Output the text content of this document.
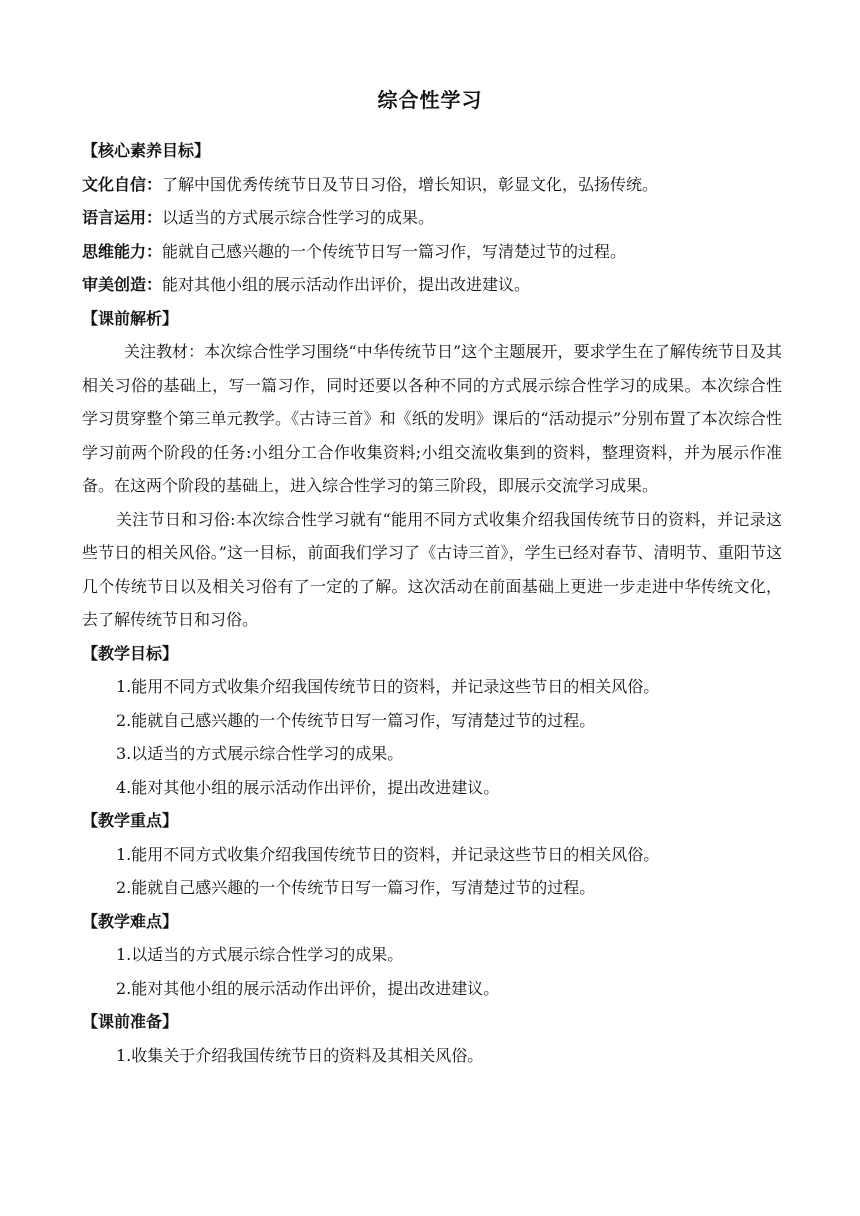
综合性学习
【核心素养目标】
文化自信：了解中国优秀传统节日及节日习俗，增长知识，彰显文化，弘扬传统。
语言运用：以适当的方式展示综合性学习的成果。
思维能力：能就自己感兴趣的一个传统节日写一篇习作，写清楚过节的过程。
审美创造：能对其他小组的展示活动作出评价，提出改进建议。
【课前解析】
关注教材：本次综合性学习围绕“中华传统节日”这个主题展开，要求学生在了解传统节日及其相关习俗的基础上，写一篇习作，同时还要以各种不同的方式展示综合性学习的成果。本次综合性学习贯穿整个第三单元教学。《古诗三首》和《纸的发明》课后的“活动提示”分别布置了本次综合性学习前两个阶段的任务:小组分工合作收集资料;小组交流收集到的资料，整理资料，并为展示作准备。在这两个阶段的基础上，进入综合性学习的第三阶段，即展示交流学习成果。
关注节日和习俗:本次综合性学习就有“能用不同方式收集介绍我国传统节日的资料，并记录这些节日的相关风俗。”这一目标，前面我们学习了《古诗三首》，学生已经对春节、清明节、重阳节这几个传统节日以及相关习俗有了一定的了解。这次活动在前面基础上更进一步走进中华传统文化，去了解传统节日和习俗。
【教学目标】
1.能用不同方式收集介绍我国传统节日的资料，并记录这些节日的相关风俗。
2.能就自己感兴趣的一个传统节日写一篇习作，写清楚过节的过程。
3.以适当的方式展示综合性学习的成果。
4.能对其他小组的展示活动作出评价，提出改进建议。
【教学重点】
1.能用不同方式收集介绍我国传统节日的资料，并记录这些节日的相关风俗。
2.能就自己感兴趣的一个传统节日写一篇习作，写清楚过节的过程。
【教学难点】
1.以适当的方式展示综合性学习的成果。
2.能对其他小组的展示活动作出评价，提出改进建议。
【课前准备】
1.收集关于介绍我国传统节日的资料及其相关风俗。
